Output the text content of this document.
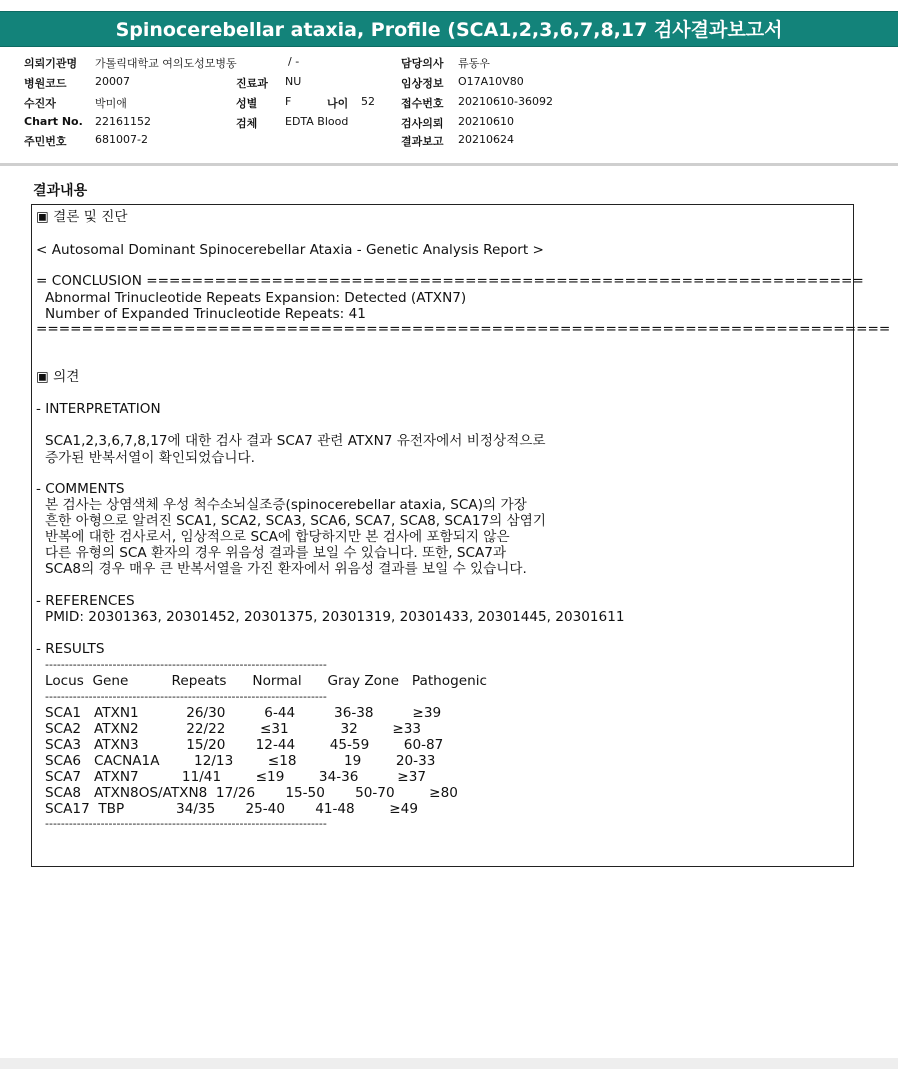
Spinocerebellar ataxia, Profile (SCA1,2,3,6,7,8,17 검사결과보고서
의뢰기관명 가톨릭대학교 여의도성모병동	/ -	담당의사 류동우
병원코드	20007	진료과 NU	임상정보 O17A10V80
수진자	박미애	성별	F	나이 52 접수번호 20210610-36092
Chart No. 22161152	검체	EDTA Blood	검사의뢰 20210610
주민번호	681007-2	결과보고 20210624
결과내용
▣ 결론 및 진단
< Autosomal Dominant Spinocerebellar Ataxia - Genetic Analysis Report >
= CONCLUSION ===============================================================
Abnormal Trinucleotide Repeats Expansion: Detected (ATXN7)
Number of Expanded Trinucleotide Repeats: 41
===========================================================================
▣ 의견
- INTERPRETATION
SCA1,2,3,6,7,8,17에 대한 검사 결과 SCA7 관련 ATXN7 유전자에서 비정상적으로
증가된 반복서열이 확인되었습니다.
- COMMENTS
본 검사는 상염색체 우성 척수소뇌실조증(spinocerebellar ataxia, SCA)의 가장
흔한 아형으로 알려진 SCA1, SCA2, SCA3, SCA6, SCA7, SCA8, SCA17의 삼염기
반복에 대한 검사로서, 임상적으로 SCA에 합당하지만 본 검사에 포함되지 않은
다른 유형의 SCA 환자의 경우 위음성 결과를 보일 수 있습니다. 또한, SCA7과
SCA8의 경우 매우 큰 반복서열을 가진 환자에서 위음성 결과를 보일 수 있습니다.
- REFERENCES
PMID: 20301363, 20301452, 20301375, 20301319, 20301433, 20301445, 20301611
- RESULTS
-----------------------------------------------------------------------
Locus  Gene          Repeats      Normal      Gray Zone   Pathogenic
-----------------------------------------------------------------------
SCA1   ATXN1           26/30         6-44         36-38         ≥39
SCA2   ATXN2           22/22        ≤31            32        ≥33
SCA3   ATXN3           15/20       12-44        45-59        60-87
SCA6   CACNA1A        12/13        ≤18           19        20-33
SCA7   ATXN7          11/41        ≤19        34-36         ≥37
SCA8   ATXN8OS/ATXN8  17/26       15-50       50-70        ≥80
SCA17  TBP            34/35       25-40       41-48        ≥49
-----------------------------------------------------------------------
